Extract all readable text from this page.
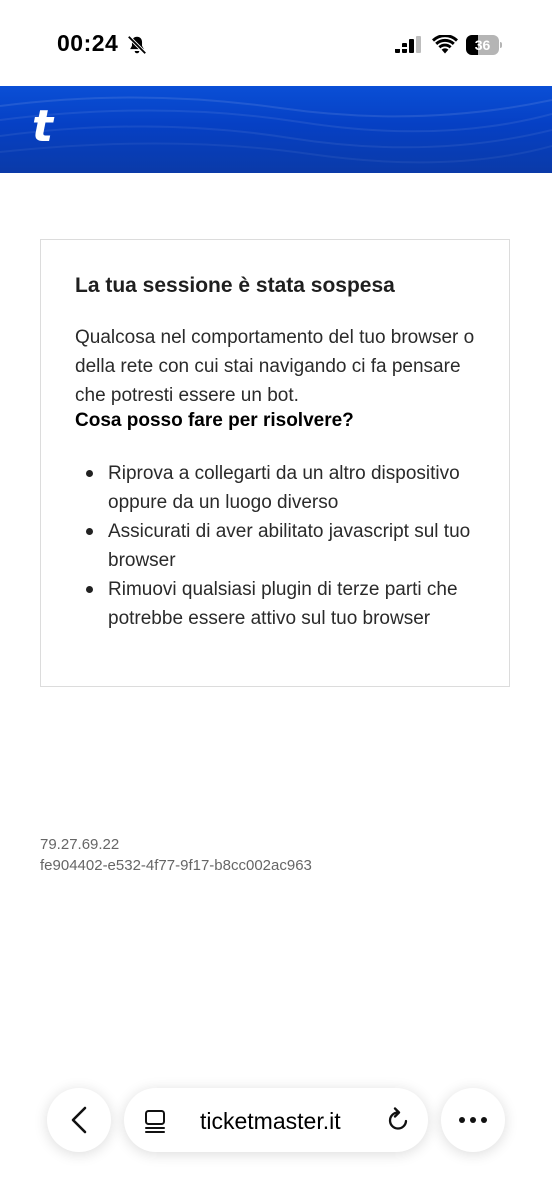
00:24	36
t
La tua sessione è stata sospesa

Qualcosa nel comportamento del tuo browser o della rete con cui stai navigando ci fa pensare che potresti essere un bot.

Cosa posso fare per risolvere?

Riprova a collegarti da un altro dispositivo oppure da un luogo diverso
Assicurati di aver abilitato javascript sul tuo browser
Rimuovi qualsiasi plugin di terze parti che potrebbe essere attivo sul tuo browser
79.27.69.22
fe904402-e532-4f77-9f17-b8cc002ac963
ticketmaster.it
